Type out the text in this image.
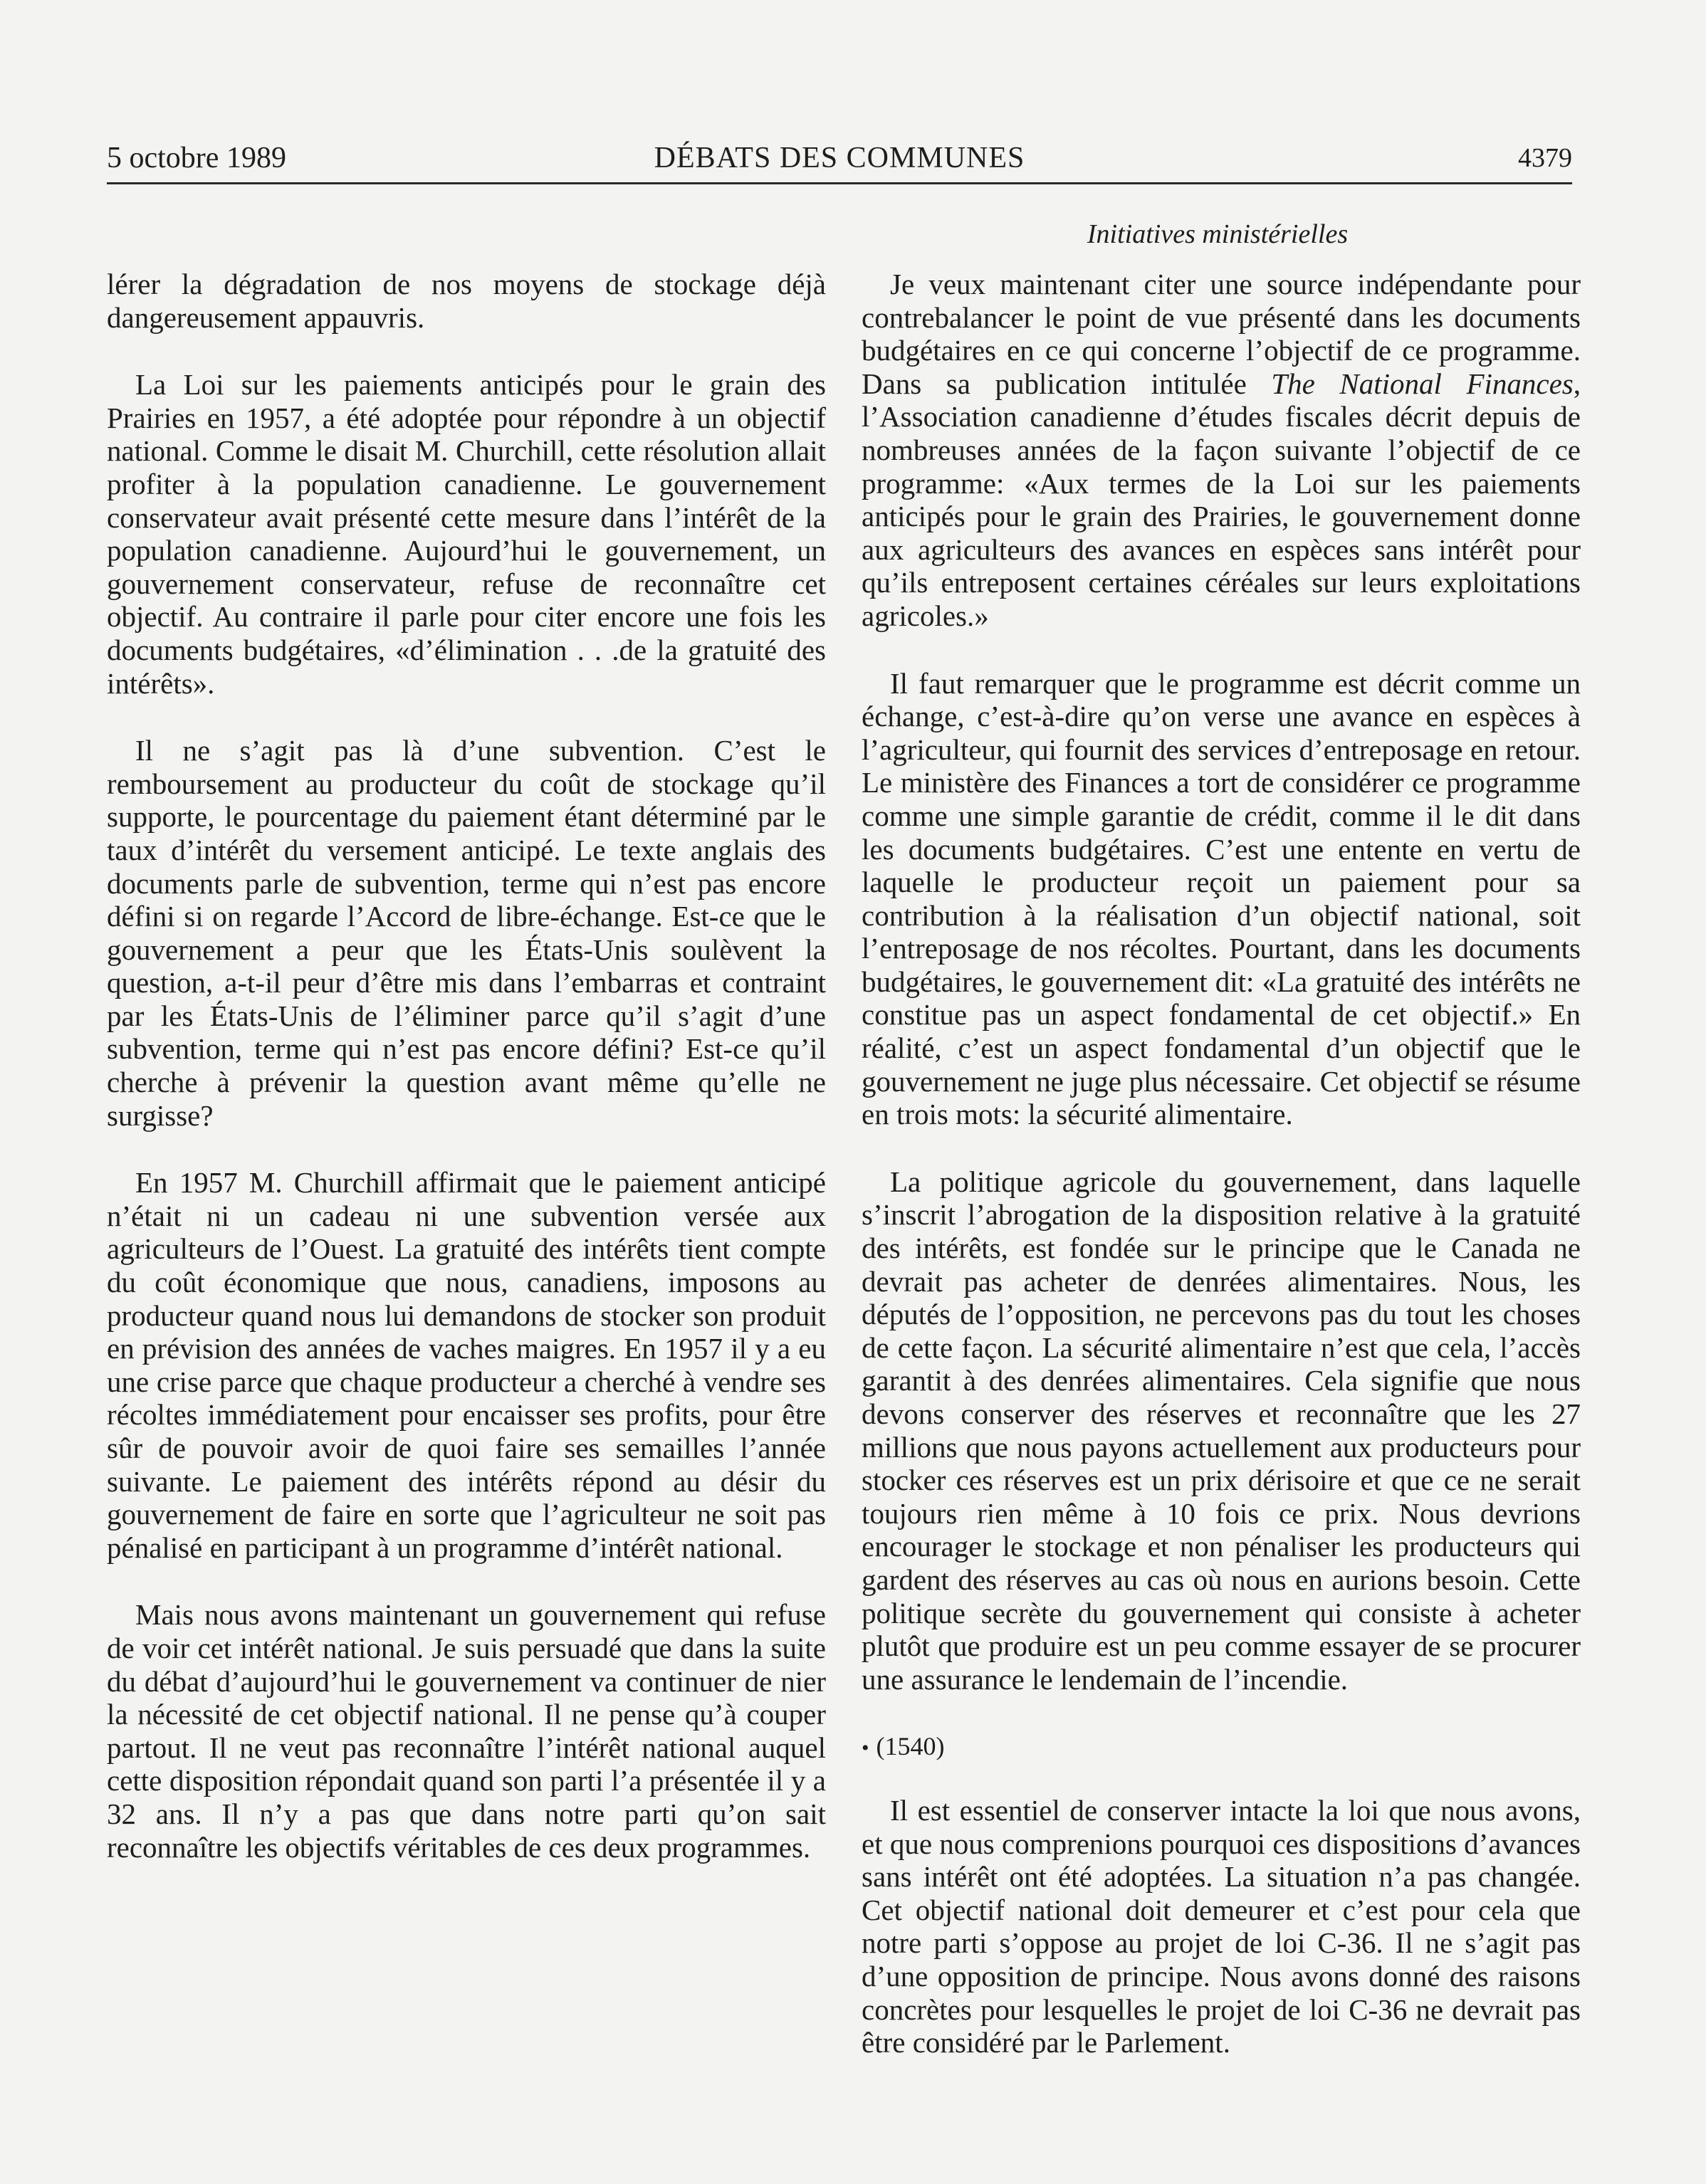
5 octobre 1989	DÉBATS DES COMMUNES	4379
Initiatives ministérielles

lérer la dégradation de nos moyens de stockage déjà dangereusement appauvris.

La Loi sur les paiements anticipés pour le grain des Prairies en 1957, a été adoptée pour répondre à un objectif national. Comme le disait M. Churchill, cette résolution allait profiter à la population canadienne. Le gouvernement conservateur avait présenté cette mesure dans l’intérêt de la population canadienne. Aujourd’hui le gouvernement, un gouvernement conservateur, refuse de reconnaître cet objectif. Au contraire il parle pour citer encore une fois les documents budgétaires, «d’élimination . . .de la gratuité des intérêts».

Il ne s’agit pas là d’une subvention. C’est le remboursement au producteur du coût de stockage qu’il supporte, le pourcentage du paiement étant déterminé par le taux d’intérêt du versement anticipé. Le texte anglais des documents parle de subvention, terme qui n’est pas encore défini si on regarde l’Accord de libre-échange. Est-ce que le gouvernement a peur que les États-Unis soulèvent la question, a-t-il peur d’être mis dans l’embarras et contraint par les États-Unis de l’éliminer parce qu’il s’agit d’une subvention, terme qui n’est pas encore défini? Est-ce qu’il cherche à prévenir la question avant même qu’elle ne surgisse?

En 1957 M. Churchill affirmait que le paiement anticipé n’était ni un cadeau ni une subvention versée aux agriculteurs de l’Ouest. La gratuité des intérêts tient compte du coût économique que nous, canadiens, imposons au producteur quand nous lui demandons de stocker son produit en prévision des années de vaches maigres. En 1957 il y a eu une crise parce que chaque producteur a cherché à vendre ses récoltes immédiatement pour encaisser ses profits, pour être sûr de pouvoir avoir de quoi faire ses semailles l’année suivante. Le paiement des intérêts répond au désir du gouvernement de faire en sorte que l’agriculteur ne soit pas pénalisé en participant à un programme d’intérêt national.

Mais nous avons maintenant un gouvernement qui refuse de voir cet intérêt national. Je suis persuadé que dans la suite du débat d’aujourd’hui le gouvernement va continuer de nier la nécessité de cet objectif national. Il ne pense qu’à couper partout. Il ne veut pas reconnaître l’intérêt national auquel cette disposition répondait quand son parti l’a présentée il y a 32 ans. Il n’y a pas que dans notre parti qu’on sait reconnaître les objectifs véritables de ces deux programmes.

Je veux maintenant citer une source indépendante pour contrebalancer le point de vue présenté dans les documents budgétaires en ce qui concerne l’objectif de ce programme. Dans sa publication intitulée The National Finances, l’Association canadienne d’études fiscales décrit depuis de nombreuses années de la façon suivante l’objectif de ce programme: «Aux termes de la Loi sur les paiements anticipés pour le grain des Prairies, le gouvernement donne aux agriculteurs des avances en espèces sans intérêt pour qu’ils entreposent certaines céréales sur leurs exploitations agricoles.»

Il faut remarquer que le programme est décrit comme un échange, c’est-à-dire qu’on verse une avance en espèces à l’agriculteur, qui fournit des services d’entreposage en retour. Le ministère des Finances a tort de considérer ce programme comme une simple garantie de crédit, comme il le dit dans les documents budgétaires. C’est une entente en vertu de laquelle le producteur reçoit un paiement pour sa contribution à la réalisation d’un objectif national, soit l’entreposage de nos récoltes. Pourtant, dans les documents budgétaires, le gouvernement dit: «La gratuité des intérêts ne constitue pas un aspect fondamental de cet objectif.» En réalité, c’est un aspect fondamental d’un objectif que le gouvernement ne juge plus nécessaire. Cet objectif se résume en trois mots: la sécurité alimentaire.

La politique agricole du gouvernement, dans laquelle s’inscrit l’abrogation de la disposition relative à la gratuité des intérêts, est fondée sur le principe que le Canada ne devrait pas acheter de denrées alimentaires. Nous, les députés de l’opposition, ne percevons pas du tout les choses de cette façon. La sécurité alimentaire n’est que cela, l’accès garantit à des denrées alimentaires. Cela signifie que nous devons conserver des réserves et reconnaître que les 27 millions que nous payons actuellement aux producteurs pour stocker ces réserves est un prix dérisoire et que ce ne serait toujours rien même à 10 fois ce prix. Nous devrions encourager le stockage et non pénaliser les producteurs qui gardent des réserves au cas où nous en aurions besoin. Cette politique secrète du gouvernement qui consiste à acheter plutôt que produire est un peu comme essayer de se procurer une assurance le lendemain de l’incendie.

• (1540)

Il est essentiel de conserver intacte la loi que nous avons, et que nous comprenions pourquoi ces dispositions d’avances sans intérêt ont été adoptées. La situation n’a pas changée. Cet objectif national doit demeurer et c’est pour cela que notre parti s’oppose au projet de loi C-36. Il ne s’agit pas d’une opposition de principe. Nous avons donné des raisons concrètes pour lesquelles le projet de loi C-36 ne devrait pas être considéré par le Parlement.
